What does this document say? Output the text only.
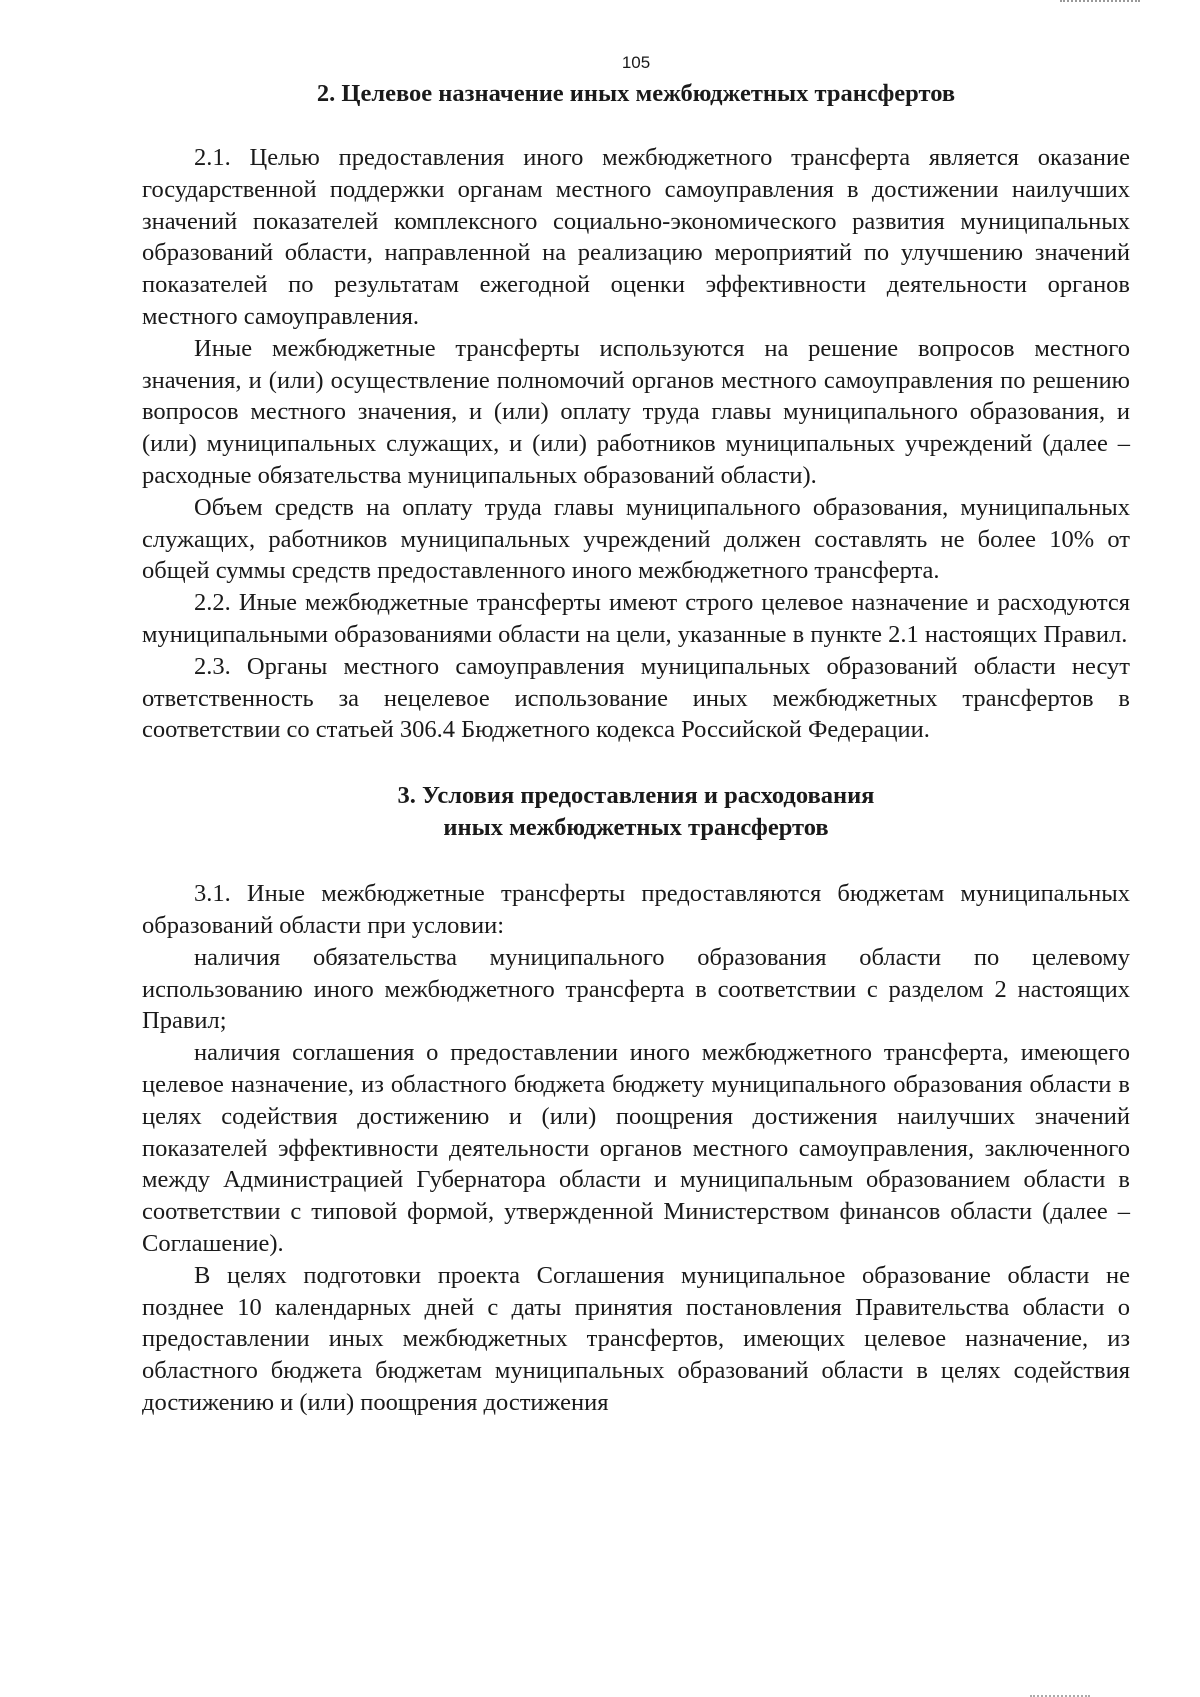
105
2. Целевое назначение иных межбюджетных трансфертов

2.1. Целью предоставления иного межбюджетного трансферта является оказание государственной поддержки органам местного самоуправления в достижении наилучших значений показателей комплексного социально-экономического развития муниципальных образований области, направленной на реализацию мероприятий по улучшению значений показателей по результатам ежегодной оценки эффективности деятельности органов местного самоуправления.

Иные межбюджетные трансферты используются на решение вопросов местного значения, и (или) осуществление полномочий органов местного самоуправления по решению вопросов местного значения, и (или) оплату труда главы муниципального образования, и (или) муниципальных служащих, и (или) работников муниципальных учреждений (далее – расходные обязательства муниципальных образований области).

Объем средств на оплату труда главы муниципального образования, муниципальных служащих, работников муниципальных учреждений должен составлять не более 10% от общей суммы средств предоставленного иного межбюджетного трансферта.

2.2. Иные межбюджетные трансферты имеют строго целевое назначение и расходуются муниципальными образованиями области на цели, указанные в пункте 2.1 настоящих Правил.

2.3. Органы местного самоуправления муниципальных образований области несут ответственность за нецелевое использование иных межбюджетных трансфертов в соответствии со статьей 306.4 Бюджетного кодекса Российской Федерации.

3. Условия предоставления и расходования
иных межбюджетных трансфертов

3.1. Иные межбюджетные трансферты предоставляются бюджетам муниципальных образований области при условии:

наличия обязательства муниципального образования области по целевому использованию иного межбюджетного трансферта в соответствии с разделом 2 настоящих Правил;

наличия соглашения о предоставлении иного межбюджетного трансферта, имеющего целевое назначение, из областного бюджета бюджету муниципального образования области в целях содействия достижению и (или) поощрения достижения наилучших значений показателей эффективности деятельности органов местного самоуправления, заключенного между Администрацией Губернатора области и муниципальным образованием области в соответствии с типовой формой, утвержденной Министерством финансов области (далее –Соглашение).

В целях подготовки проекта Соглашения муниципальное образование области не позднее 10 календарных дней с даты принятия постановления Правительства области о предоставлении иных межбюджетных трансфертов, имеющих целевое назначение, из областного бюджета бюджетам муниципальных образований области в целях содействия достижению и (или) поощрения достижения
